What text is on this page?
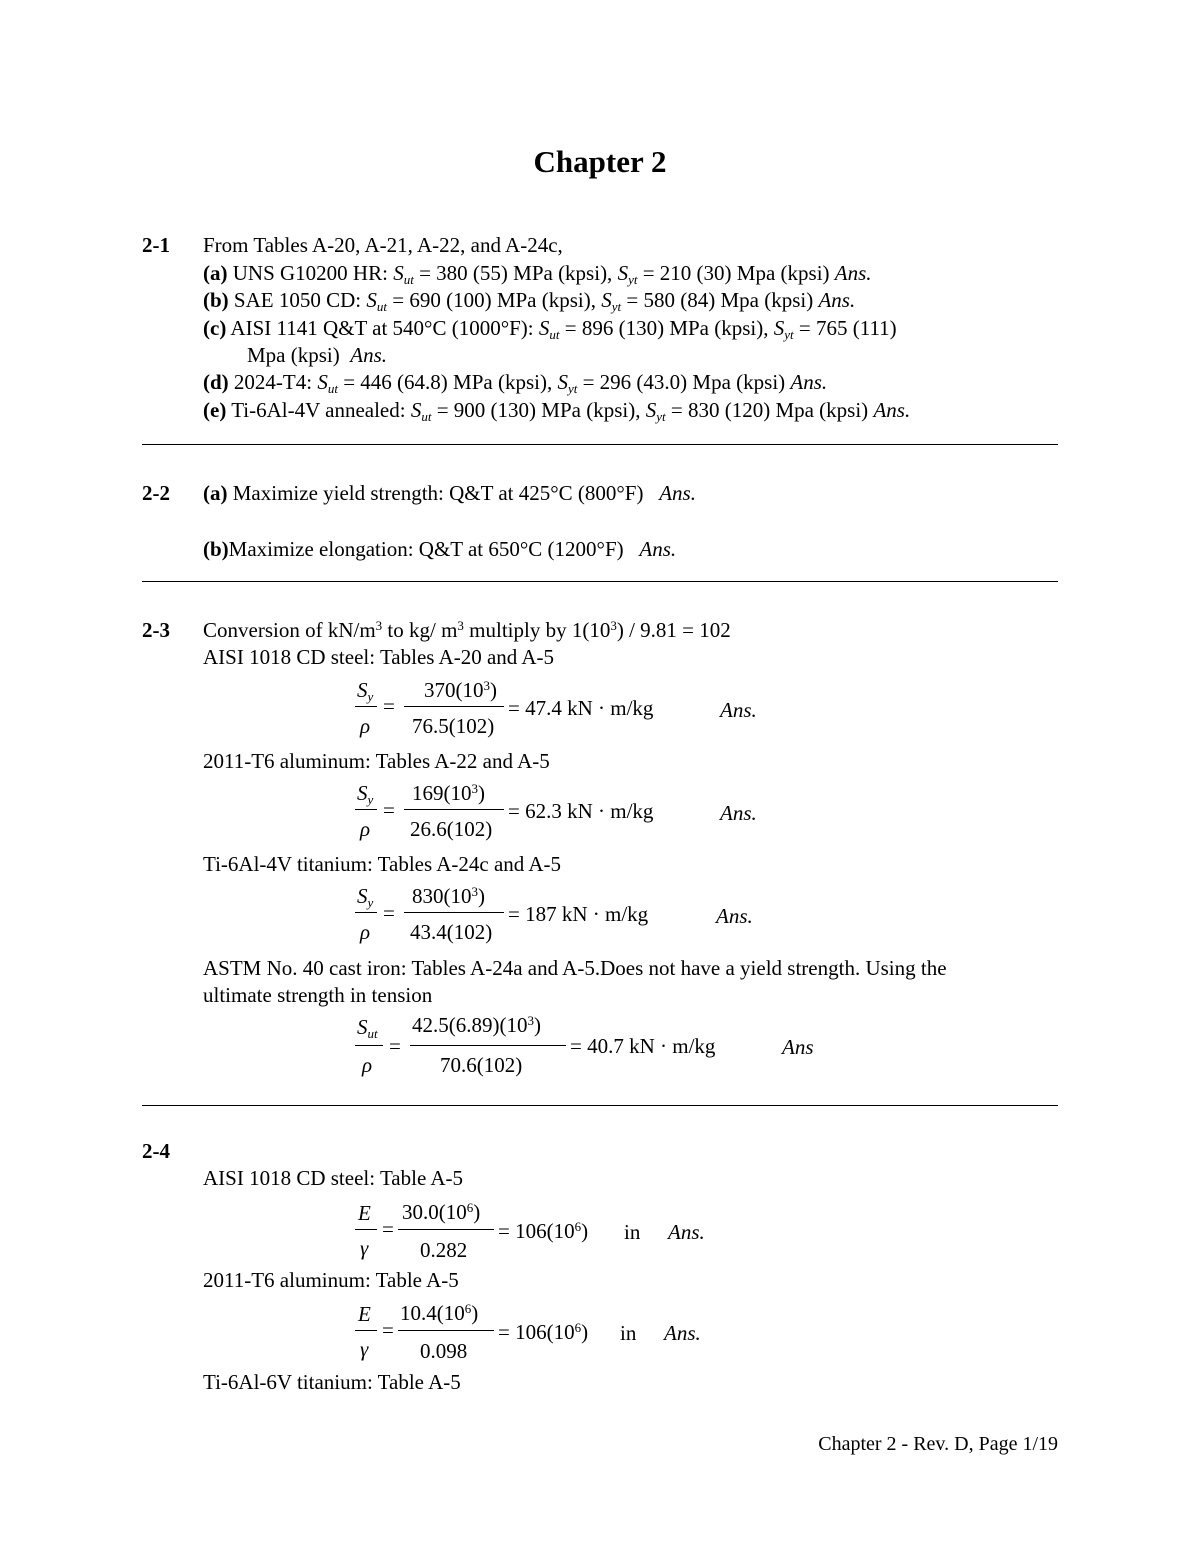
Chapter 2
2-1 From Tables A-20, A-21, A-22, and A-24c,
(a) UNS G10200 HR: $S_{ut} = 380$ (55) MPa (kpsi), $S_{yt} = 210$ (30) Mpa (kpsi) Ans.
(b) SAE 1050 CD: $S_{ut} = 690$ (100) MPa (kpsi), $S_{yt} = 580$ (84) Mpa (kpsi) Ans.
(c) AISI 1141 Q&T at 540°C (1000°F): $S_{ut} = 896$ (130) MPa (kpsi), $S_{yt} = 765$ (111)
Mpa (kpsi) Ans.
(d) 2024-T4: $S_{ut} = 446$ (64.8) MPa (kpsi), $S_{yt} = 296$ (43.0) Mpa (kpsi) Ans.
(e) Ti-6Al-4V annealed: $S_{ut} = 900$ (130) MPa (kpsi), $S_{yt} = 830$ (120) Mpa (kpsi) Ans.
2-2 (a) Maximize yield strength: Q&T at 425°C (800°F) Ans.
(b)Maximize elongation: Q&T at 650°C (1200°F) Ans.
2-3 Conversion of $kN/m^3$ to kg/ $m^3$ multiply by $1(10^3) / 9.81 = 102$
AISI 1018 CD steel: Tables A-20 and A-5
$S_y$
ρ
=
$370(10^3)$
76.5(102)
= 47.4 kN · m/kg	Ans.
2011-T6 aluminum: Tables A-22 and A-5
$S_y$
ρ
=
$169(10^3)$
26.6(102)
= 62.3 kN · m/kg	Ans.
Ti-6Al-4V titanium: Tables A-24c and A-5
$S_y$
ρ
=
$830(10^3)$
43.4(102)
= 187 kN · m/kg	Ans.
ASTM No. 40 cast iron: Tables A-24a and A-5.Does not have a yield strength. Using the
ultimate strength in tension
$S_{ut}$
ρ
=
$42.5(6.89)(10^3)$
70.6(102)
= 40.7 kN · m/kg	Ans
2-4
AISI 1018 CD steel: Table A-5
E
γ
=
$30.0(10^6)$
0.282
= $106(10^6)$ in Ans.
2011-T6 aluminum: Table A-5
E
γ
=
$10.4(10^6)$
0.098
= $106(10^6)$ in Ans.
Ti-6Al-6V titanium: Table A-5
Chapter 2 - Rev. D, Page 1/19
